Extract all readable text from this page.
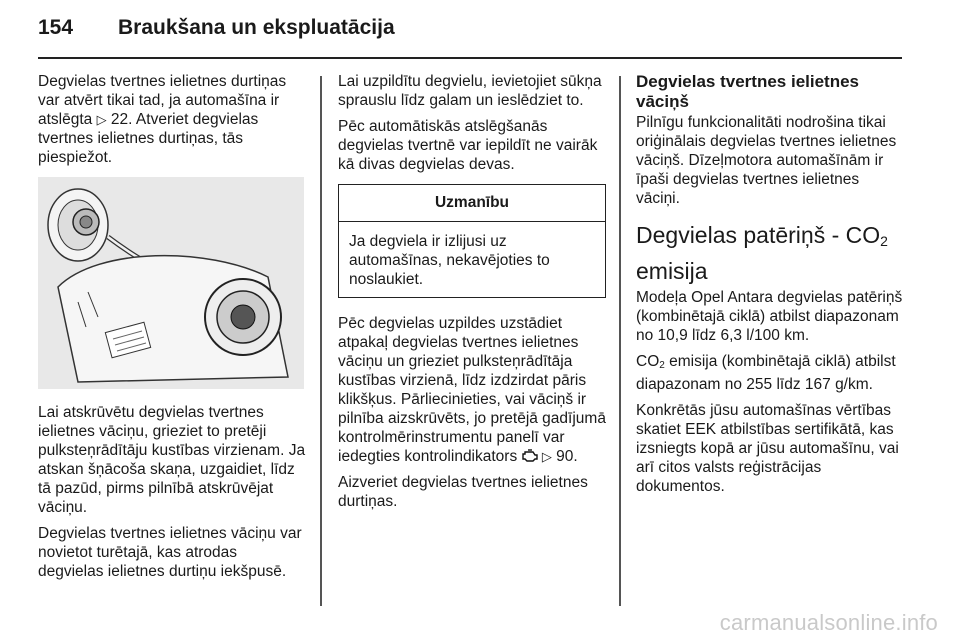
154 Braukšana un ekspluatācija

Degvielas tvertnes ielietnes durtiņas var atvērt tikai tad, ja automašīna ir atslēgta ▷ 22. Atveriet degvielas tvertnes ielietnes durtiņas, tās piespiežot.

Lai atskrūvētu degvielas tvertnes ielietnes vāciņu, grieziet to pretēji pulksteņrādītāju kustības virzienam. Ja atskan šņācoša skaņa, uzgaidiet, līdz tā pazūd, pirms pilnībā atskrūvējat vāciņu.

Degvielas tvertnes ielietnes vāciņu var novietot turētajā, kas atrodas degvielas ielietnes durtiņu iekšpusē.

Lai uzpildītu degvielu, ievietojiet sūkņa sprauslu līdz galam un ieslēdziet to.

Pēc automātiskās atslēgšanās degvielas tvertnē var iepildīt ne vairāk kā divas degvielas devas.

Uzmanību
Ja degviela ir izlijusi uz automašīnas, nekavējoties to noslaukiet.

Pēc degvielas uzpildes uzstādiet atpakaļ degvielas tvertnes ielietnes vāciņu un grieziet pulksteņrādītāja kustības virzienā, līdz izdzirdat pāris klikšķus. Pārliecinieties, vai vāciņš ir pilnība aizskrūvēts, jo pretējā gadījumā kontrolmērinstrumentu panelī var iedegties kontrolindikators ▷ 90.

Aizveriet degvielas tvertnes ielietnes durtiņas.

Degvielas tvertnes ielietnes vāciņš

Pilnīgu funkcionalitāti nodrošina tikai oriģinālais degvielas tvertnes ielietnes vāciņš. Dīzeļmotora automašīnām ir īpaši degvielas tvertnes ielietnes vāciņi.

Degvielas patēriņš - $CO_2$
emisija

Modeļa Opel Antara degvielas patēriņš (kombinētajā ciklā) atbilst diapazonam no 10,9 līdz 6,3 l/100 km.

CO2 emisija (kombinētajā ciklā) atbilst diapazonam no 255 līdz 167 g/km.

Konkrētās jūsu automašīnas vērtības skatiet EEK atbilstības sertifikātā, kas izsniegts kopā ar jūsu automašīnu, vai arī citos valsts reģistrācijas dokumentos.

carmanualsonline.info
